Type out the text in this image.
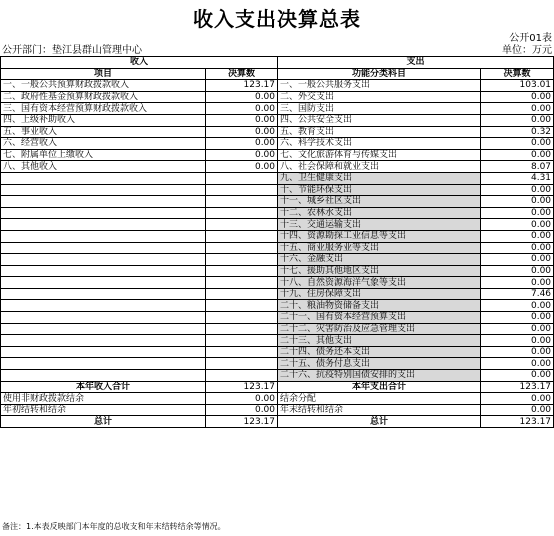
收入支出决算总表
公开01表
公开部门：垫江县群山管理中心	单位：万元
收入		支出	
项目	决算数	功能分类科目	决算数
一、一般公共预算财政拨款收入	123.17	一、一般公共服务支出	103.01
二、政府性基金预算财政拨款收入	0.00	二、外交支出	0.00
三、国有资本经营预算财政拨款收入	0.00	三、国防支出	0.00
四、上级补助收入	0.00	四、公共安全支出	0.00
五、事业收入	0.00	五、教育支出	0.32
六、经营收入	0.00	六、科学技术支出	0.00
七、附属单位上缴收入	0.00	七、文化旅游体育与传媒支出	0.00
八、其他收入	0.00	八、社会保障和就业支出	8.07
		九、卫生健康支出	4.31
		十、节能环保支出	0.00
		十一、城乡社区支出	0.00
		十二、农林水支出	0.00
		十三、交通运输支出	0.00
		十四、资源勘探工业信息等支出	0.00
		十五、商业服务业等支出	0.00
		十六、金融支出	0.00
		十七、援助其他地区支出	0.00
		十八、自然资源海洋气象等支出	0.00
		十九、住房保障支出	7.46
		二十、粮油物资储备支出	0.00
		二十一、国有资本经营预算支出	0.00
		二十二、灾害防治及应急管理支出	0.00
		二十三、其他支出	0.00
		二十四、债务还本支出	0.00
		二十五、债务付息支出	0.00
		二十六、抗疫特别国债安排的支出	0.00
本年收入合计	123.17	本年支出合计	123.17
使用非财政拨款结余	0.00	结余分配	0.00
年初结转和结余	0.00	年末结转和结余	0.00
总计	123.17	总计	123.17
备注：1.本表反映部门本年度的总收支和年末结转结余等情况。
